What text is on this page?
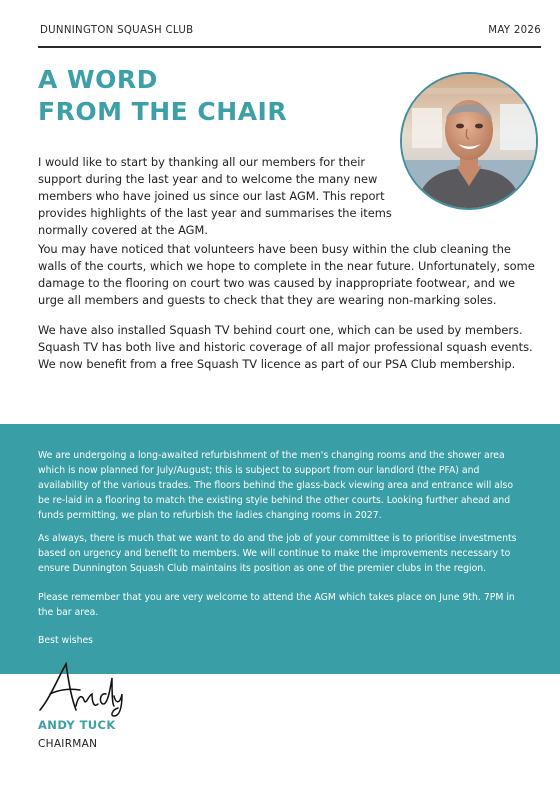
DUNNINGTON SQUASH CLUB	MAY 2026
A WORD
FROM THE CHAIR

I would like to start by thanking all our members for their support during the last year and to welcome the many new members who have joined us since our last AGM. This report provides highlights of the last year and summarises the items normally covered at the AGM.

You may have noticed that volunteers have been busy within the club cleaning the walls of the courts, which we hope to complete in the near future. Unfortunately, some damage to the flooring on court two was caused by inappropriate footwear, and we urge all members and guests to check that they are wearing non-marking soles.

We have also installed Squash TV behind court one, which can be used by members. Squash TV has both live and historic coverage of all major professional squash events. We now benefit from a free Squash TV licence as part of our PSA Club membership.

We are undergoing a long-awaited refurbishment of the men's changing rooms and the shower area which is now planned for July/August; this is subject to support from our landlord (the PFA) and availability of the various trades. The floors behind the glass-back viewing area and entrance will also be re-laid in a flooring to match the existing style behind the other courts. Looking further ahead and funds permitting, we plan to refurbish the ladies changing rooms in 2027.

As always, there is much that we want to do and the job of your committee is to prioritise investments based on urgency and benefit to members. We will continue to make the improvements necessary to ensure Dunnington Squash Club maintains its position as one of the premier clubs in the region.

Please remember that you are very welcome to attend the AGM which takes place on June 9th. 7PM in the bar area.

Best wishes

ANDY TUCK

CHAIRMAN
